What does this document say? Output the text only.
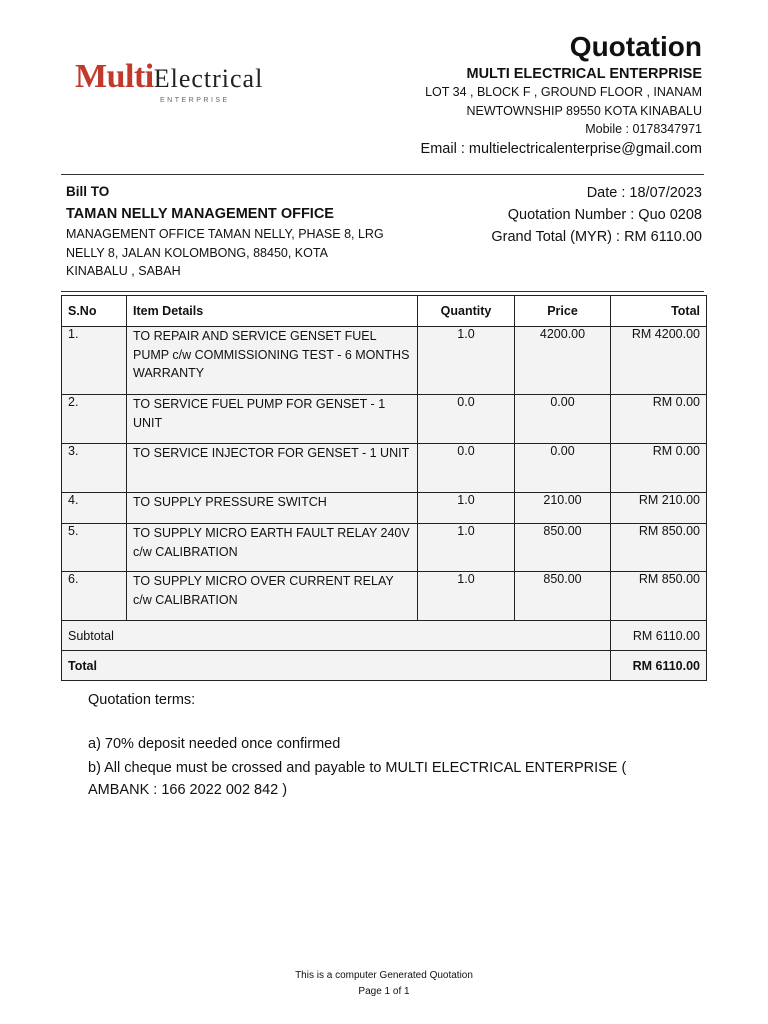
MultiElectrical
ENTERPRISE
Quotation
MULTI ELECTRICAL ENTERPRISE
LOT 34 , BLOCK F , GROUND FLOOR , INANAM
NEWTOWNSHIP 89550 KOTA KINABALU
Mobile : 0178347971
Email : multielectricalenterprise@gmail.com
Bill TO
TAMAN NELLY MANAGEMENT OFFICE
MANAGEMENT OFFICE TAMAN NELLY, PHASE 8, LRG NELLY 8, JALAN KOLOMBONG, 88450, KOTA KINABALU , SABAH
Date : 18/07/2023
Quotation Number : Quo 0208
Grand Total (MYR) : RM 6110.00
S.No	Item Details	Quantity	Price	Total
1.	TO REPAIR AND SERVICE GENSET FUEL PUMP c/w COMMISSIONING TEST - 6 MONTHS WARRANTY	1.0	4200.00	RM 4200.00
2.	TO SERVICE FUEL PUMP FOR GENSET - 1 UNIT	0.0	0.00	RM 0.00
3.	TO SERVICE INJECTOR FOR GENSET - 1 UNIT	0.0	0.00	RM 0.00
4.	TO SUPPLY PRESSURE SWITCH	1.0	210.00	RM 210.00
5.	TO SUPPLY MICRO EARTH FAULT RELAY 240V c/w CALIBRATION	1.0	850.00	RM 850.00
6.	TO SUPPLY MICRO OVER CURRENT RELAY c/w CALIBRATION	1.0	850.00	RM 850.00
Subtotal				RM 6110.00
Total				RM 6110.00
Quotation terms:
a) 70% deposit needed once confirmed
b) All cheque must be crossed and payable to MULTI ELECTRICAL ENTERPRISE ( AMBANK : 166 2022 002 842 )
This is a computer Generated Quotation
Page 1 of 1
